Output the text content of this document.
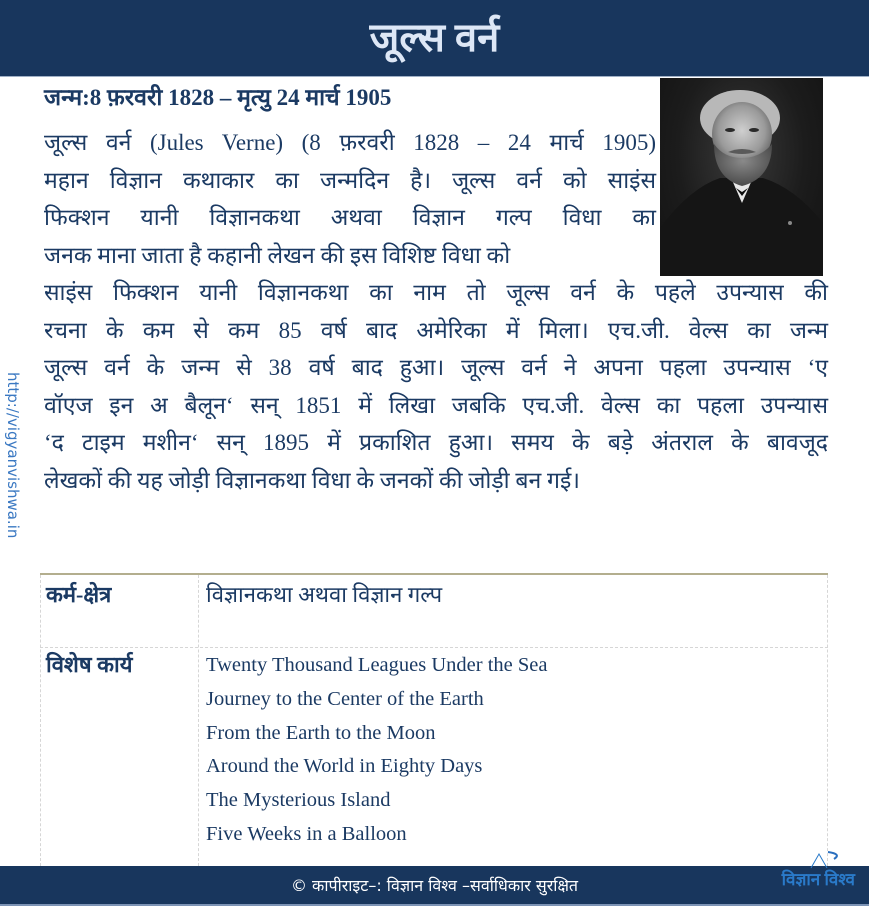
जूल्स वर्न
http://vigyanvishwa.in
जन्म:8 फ़रवरी 1828 – मृत्यु 24 मार्च 1905
जूल्स वर्न (Jules Verne) (8 फ़रवरी 1828 – 24 मार्च 1905)
महान विज्ञान कथाकार का जन्मदिन है। जूल्स वर्न को साइंस
फिक्शन यानी विज्ञानकथा अथवा विज्ञान गल्प विधा का
जनक माना जाता है कहानी लेखन की इस विशिष्ट विधा को
साइंस फिक्शन यानी विज्ञानकथा का नाम तो जूल्स वर्न के पहले उपन्यास की
रचना के कम से कम 85 वर्ष बाद अमेरिका में मिला। एच.जी. वेल्स का जन्म
जूल्स वर्न के जन्म से 38 वर्ष बाद हुआ। जूल्स वर्न ने अपना पहला उपन्यास ‘ए
वॉएज इन अ बैलून‘ सन् 1851 में लिखा जबकि एच.जी. वेल्स का पहला उपन्यास
‘द टाइम मशीन‘ सन् 1895 में प्रकाशित हुआ। समय के बड़े अंतराल के बावजूद
लेखकों की यह जोड़ी विज्ञानकथा विधा के जनकों की जोड़ी बन गई।
कर्म-क्षेत्र	विज्ञानकथा अथवा विज्ञान गल्प
विशेष कार्य	Twenty Thousand Leagues Under the Sea
Journey to the Center of the Earth
From the Earth to the Moon
Around the World in Eighty Days
The Mysterious Island
Five Weeks in a Balloon
© कापीराइट–: विज्ञान विश्व –सर्वाधिकार सुरक्षित	विज्ञान विश्व
